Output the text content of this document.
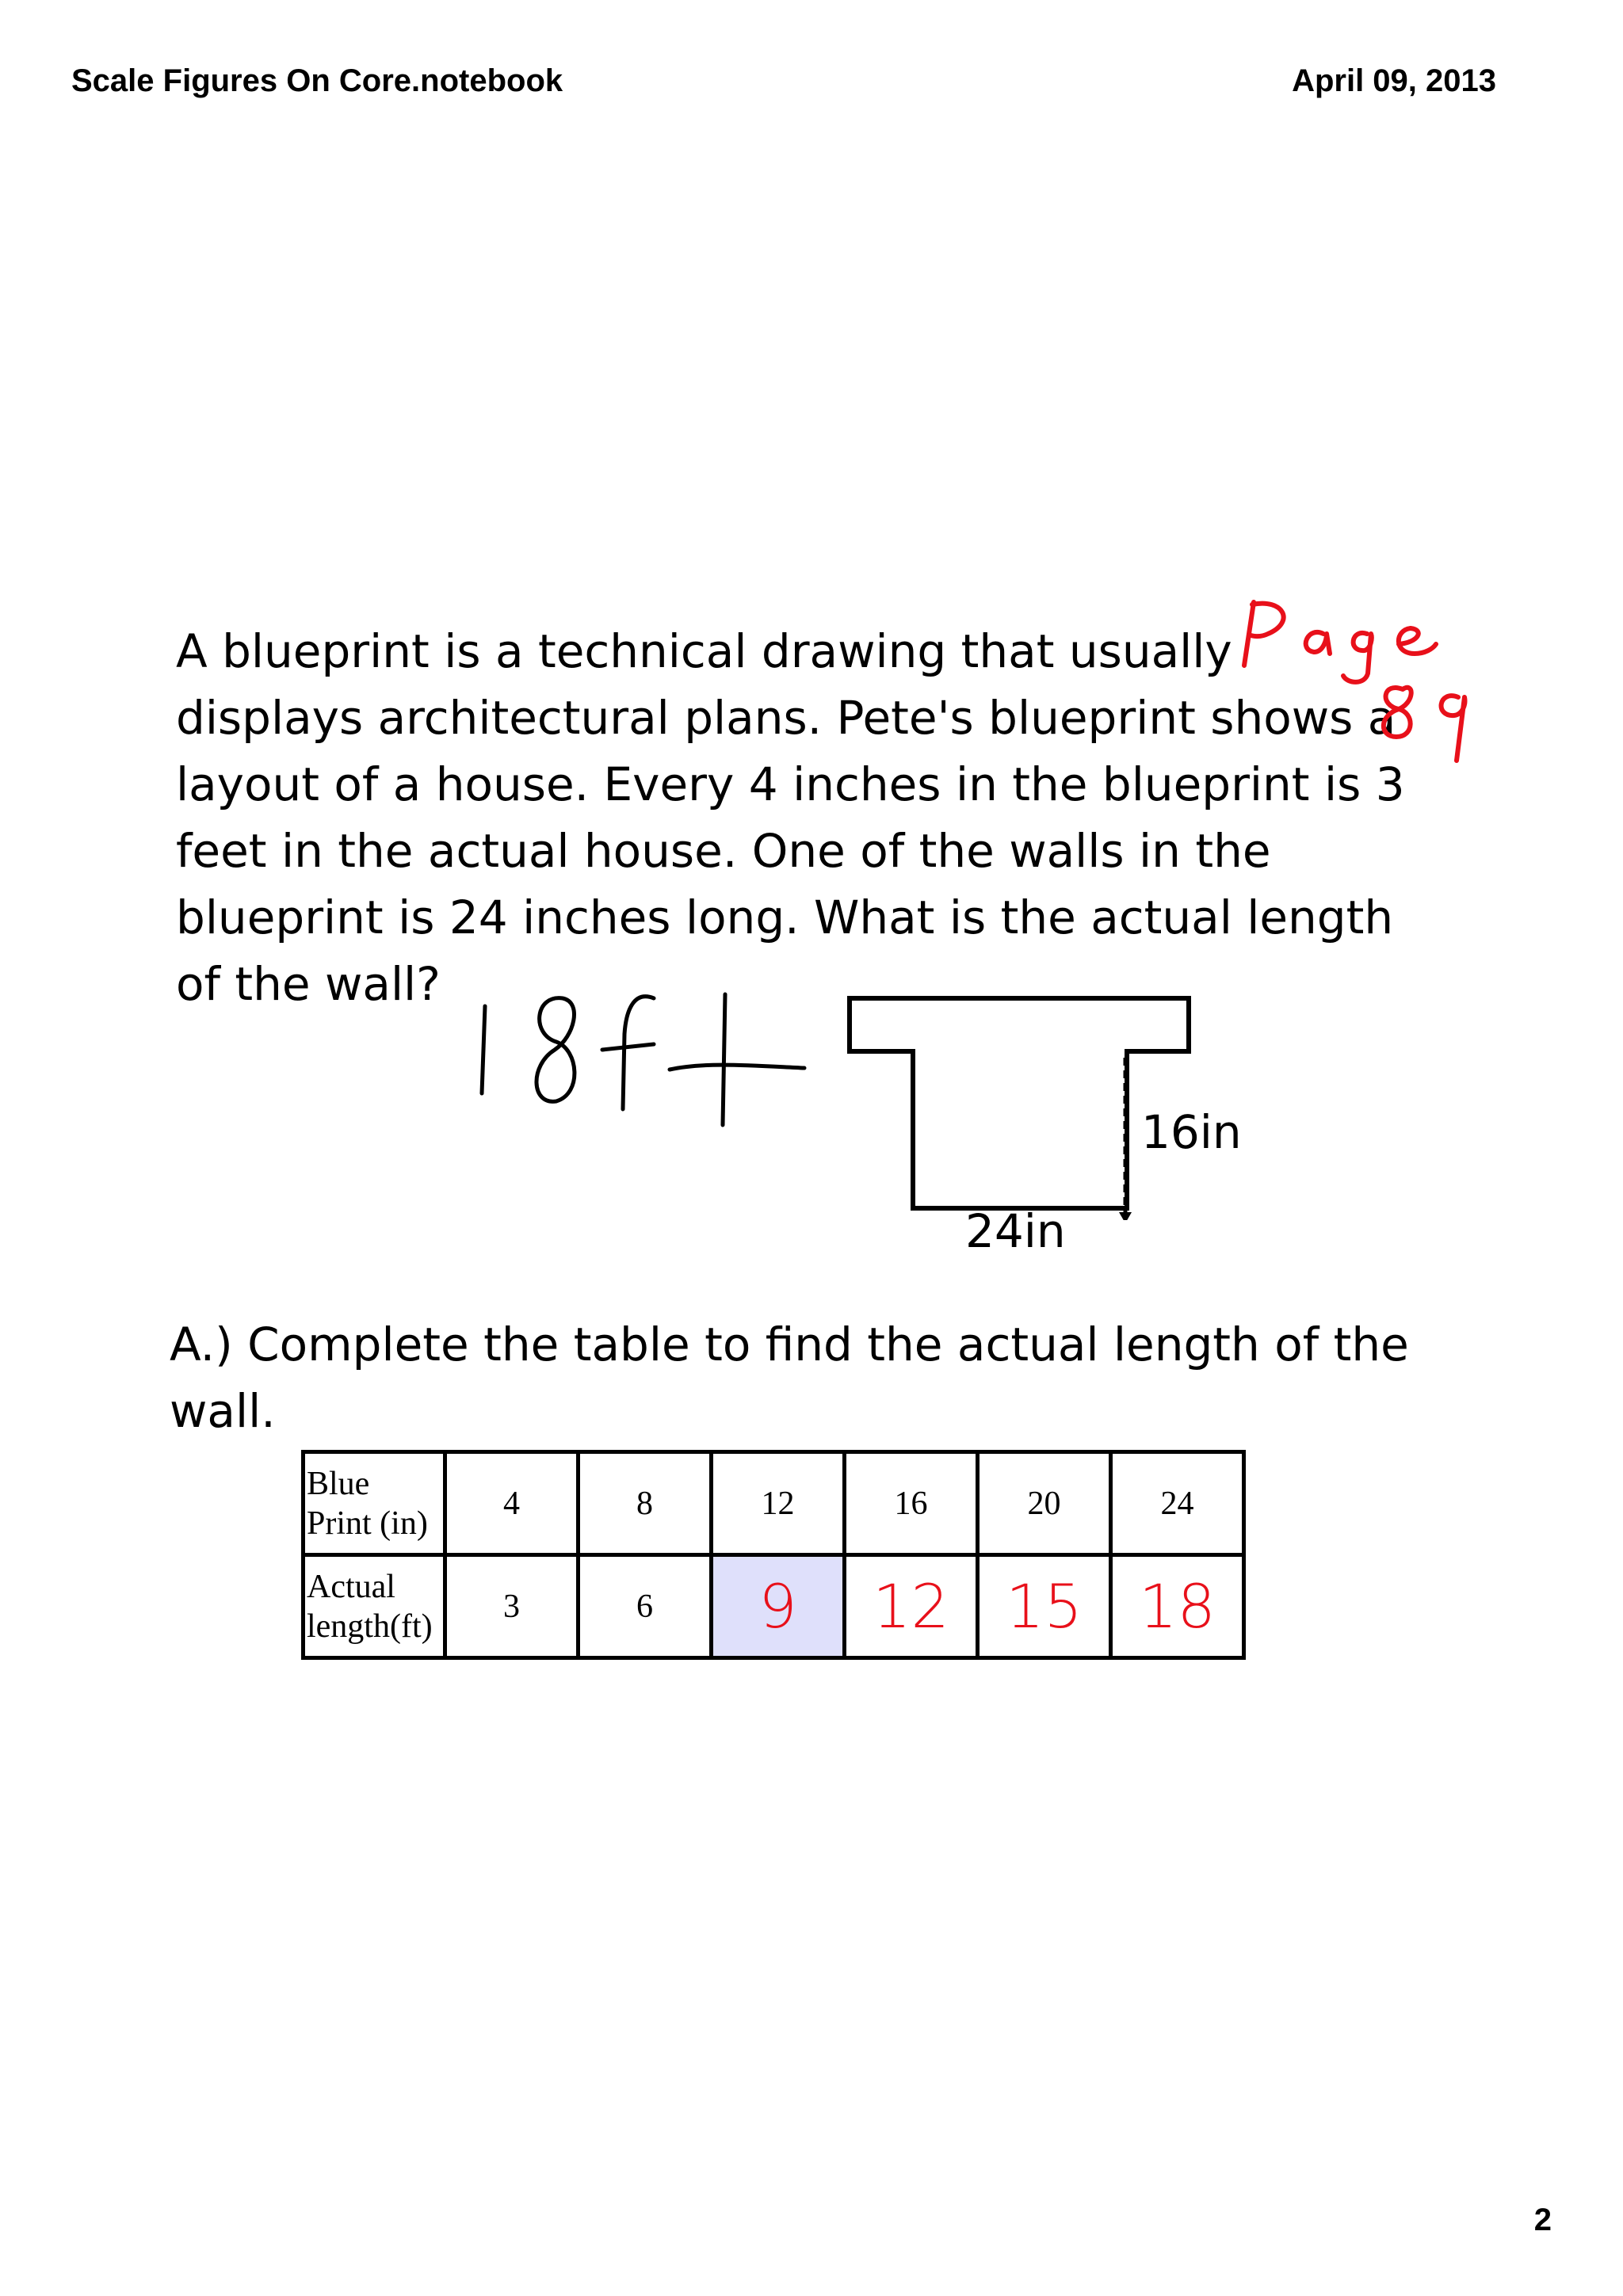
Scale Figures On Core.notebook	April 09, 2013
A blueprint is a technical drawing that usually
displays architectural plans. Pete's blueprint shows a
layout of a house. Every 4 inches in the blueprint is 3
feet in the actual house. One of the walls in the
blueprint is 24 inches long. What is the actual length
of the wall?
16in
24in
A.) Complete the table to find the actual length of the
wall.
Blue
Print (in)	4	8	12	16	20	24

Actual
length(ft)	3	6	9	12	15	18
2
